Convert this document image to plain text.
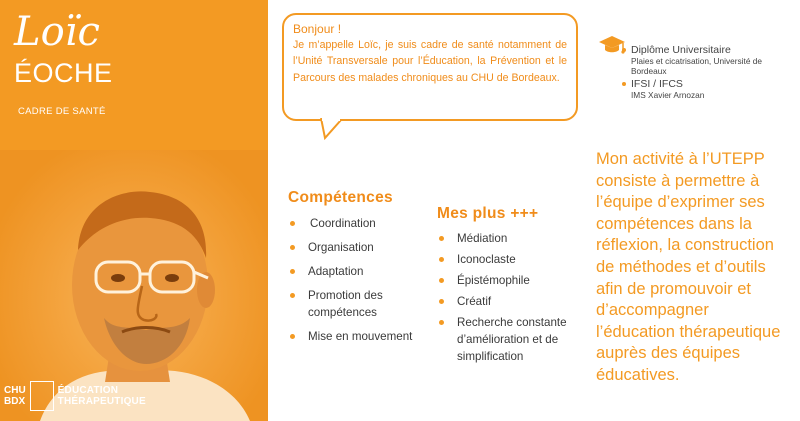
Loïc
ÉOCHE
CADRE DE SANTÉ
CHU
BDX
ÉDUCATION
THÉRAPEUTIQUE
Bonjour !
Je m’appelle Loïc, je suis cadre de santé notamment de l’Unité Transversale pour l’Éducation, la Prévention et le Parcours des malades chroniques au CHU de Bordeaux.
Diplôme Universitaire
Plaies et cicatrisation, Université de Bordeaux
IFSI / IFCS
IMS Xavier Arnozan
Compétences
Coordination
Organisation
Adaptation
Promotion des compétences
Mise en mouvement
Mes plus +++
Médiation
Iconoclaste
Épistémophile
Créatif
Recherche constante d’amélioration et de simplification
Mon activité à l’UTEPP consiste à permettre à l’équipe d’exprimer ses compétences dans la réflexion, la construction de méthodes et d’outils afin de promouvoir et d’accompagner l’éducation thérapeutique auprès des équipes éducatives.
